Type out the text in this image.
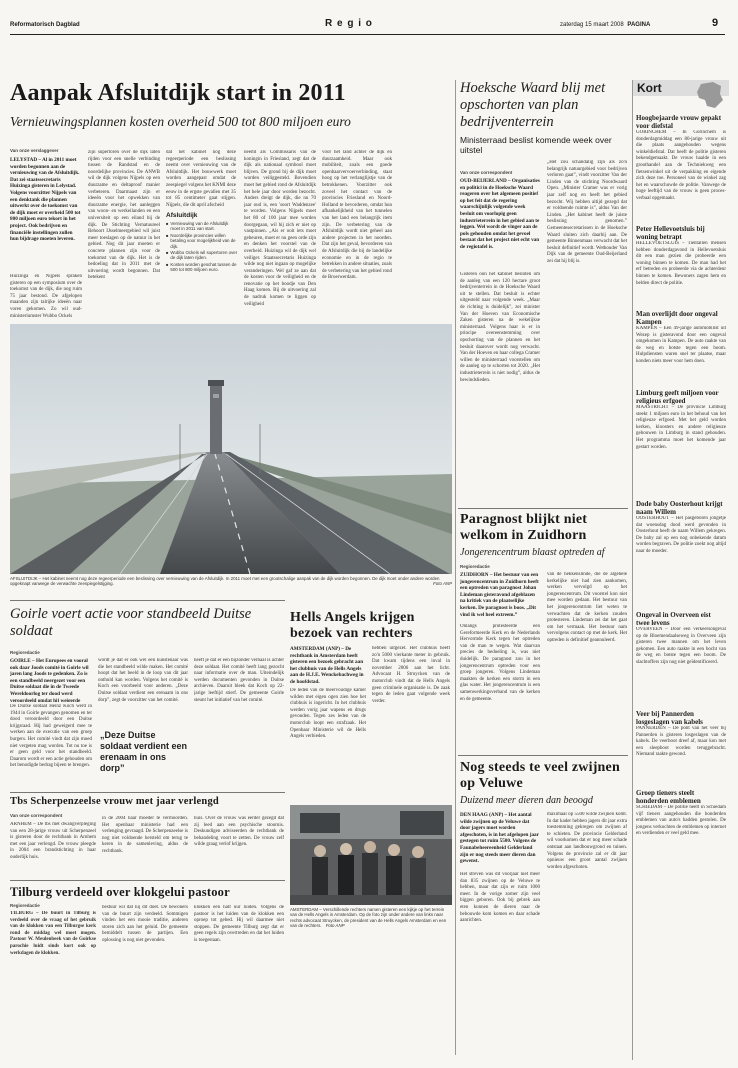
Reformatorisch Dagblad	R e g i o	zaterdag 15 maart 2008 PAGINA	9
Aanpak Afsluitdijk start in 2011
Vernieuwingsplannen kosten overheid 500 tot 800 miljoen euro
Van onze verslaggever
LELYSTAD – Al in 2011 moet worden begonnen aan de vernieuwing van de Afsluitdijk. Dat zei staatssecretaris Huizinga gisteren in Lelystad. Volgens voorzitter Nijpels van een denktank die plannen uitwerkt over de toekomst van de dijk moet er overheid 500 tot 800 miljoen euro tekort in het project. Ook bedrijven en financiële instellingen zullen hun bijdrage moeten leveren.
Huizinga en Nijpels spraken gisteren op een symposium over de toekomst van de dijk, die nog ruim 75 jaar bestond. De afgelopen maanden zijn talrijke ideeën naar voren gekomen. Zo wil oud-ministeriumster Wubbo Ockels
zijn supertoren over de dijk laten rijden voor een snelle verbinding tussen de Randstad en de noordelijke provincies. De ANWB wil de dijk volgens Nijpels op een duurzame en deltaproof manier verbeteren. Daarmaast zijn er ideeën voor het opwekken van duurzame energie, het aanleggen van woon- en werkeilanden en een universiteit op een eiland bij de dijk. De Stichting Vernatuureel Behoort IJsselmeergebied wil juist meer toeslagen op de natuur in het gebied. Nog dit jaar moeten er concrete plannen zijn voor de toekomst van de dijk. Het is de bedoeling dat in 2011 met de uitvoering wordt begonnen. Dat betekent
dat het kabinet nog deze regeerperiode een beslissing neemt over vernieuwing van de Afsluitdijk. Het bouwwerk moet worden aangepast omdat de zeespiegel volgens het KNMI deze eeuw in de ergste gevallen met 35 tot 85 centimeter gaat stijgen. Nijpels, die dit april afscheid
Afsluitdijk
■ Vernieuwing van de Afsluitdijk moet in 2011 van start.
■ Noordelijke provincies willen betaling voor mogelijkheid van de dijk.
■ Wubbo Ockels wil supertoren over de dijk laten rijden.
■ Kosten worden geschat tussen de 500 tot 800 miljoen euro.
neemt als Commissaris van de koningin in Friesland, zegt dat de dijk als nationaal symbool moet blijven. De grond bij de dijk moet worden veiliggesteld. Bovendien moet het gebied rond de Afsluitdijk het hele jaar door worden bezocht. Anders dreigt de dijk, die nu 70 jaar oud is, een 'soort Waddenzee' te worden. Volgens Nijpels moet het 80 of 100 jaar mee worden doorgegaan, wil hij zich er niet op vastpinnen. „Als er ooit iets moet gebeuren, moet er nu geen orde zijn en denken het voorstel van de overheid. Huizinga wil de dijk wel veiliger. Staatssecretaris Huizinga wilde nog niet ingaan op mogelijke veranderingen. Wel gaf ze aan dat de kosten voor de veiligheid en de renovatie op het boodje van Den Haag komen. Bij de uitvoering zal de nadruk komen te liggen op veiligheid
voor het land achter de dijk en duurzaamheid. Maar ook mobiliteit, zoals een goede openbaarvervoerverbinding, staat hoog op het verlanglijstje van de betrokkenen. Voorzitter ook zoveel het contact van de provincies Friesland en Noord-Holland te bevorderen, omdat hun afhankelijkheid van het tunnelen van het land een belangrijk item zijn. De verbetering van de Afsluitdijk wordt niet geheel aan andere projecten in het noorden. Dat zijn het geval, bevorderen van de Afsluitdijk die bij de landelijke economie en in de regio te betrekken in andere situaties, zoals de verbetering van het gebied rond de Broerwerdam.
AFSLUITDIJK – Het kabinet neemt nog deze regeerperiode een beslissing over vernieuwing van de Afsluitdijk. In 2011 moet met een grootschalige aanpak van de dijk worden begonnen. De dijk moet onder andere worden opgeknapt vanwege de verwachte zeespiegelstijging.	Foto ANP
Hoeksche Waard blij met opschorten van plan bedrijventerrein
Ministerraad beslist komende week over uitstel
Van onze correspondent
OUD-BEIJERLAND – Organisaties en politici in de Hoeksche Waard reageren over het algemeen positief op het feit dat de regering waarschijnlijk volgende week besluit om voorlopig geen industrieterrein in het gebied aan te leggen. Wel wordt de vinger aan de pols gehouden omdat het gevoel bestaat dat het project niet echt van de regiotafel is.
Gisteren oon het kabinet besloten om de aanleg van een 120 hectare groot bedrijventerrein in de Hoeksche Waard uit te stellen. Dat besluit is echter uitgesteld naar volgende week. „Maar de richting is duidelijk”, zei minister Van der Hoeven van Economische Zaken gisteren na de wekelijkse ministerraad. Volgens haar is er in principe overeenstemming over opschorting van de plannen en het besluit daarover wordt nog verwacht. Van der Hoeven en haar collega Cramer willen de ministerraad voorstellen om de aanleg op te schorten tot 2020. „Het industrieterrein is niet nodig”, aldus de bewindslieden.
„Het zou schandalig zijn als zo'n belangrijk natuurgebied voor bedrijven verloren gaat”, vindt voorzitter Van der Linden van de stichting Noordwaard Open. „Minister Cramer was er vorig jaar zelf nog en heeft het gebied bezocht. Wij hebben altijd gezegd dat er voldoende ruimte is”, aldus Van der Linden. „Het kabinet heeft de juiste beslissing genomen.” Gemeentesecretarissen in de Hoeksche Waard sluiten zich daarbij aan. De gemeente Binnenmaas verwacht dat het besluit definitief wordt. Wethouder Van Dijk van de gemeente Oud-Beijerland zei dat hij blij is.
Kort
Hoogbejaarde vrouw gepakt voor diefstal
GORINCHEM – In Gorinchem is donderdagmiddag een 80-jarige vrouw uit die plaats aangehouden wegens winkeldiefstal. Dat heeft de politie gisteren bekendgemaakt. De vrouw haalde in een groothandel aan de Techniekweg een fietsenwinkel uit de verpakking en eigende zich deze toe. Personeel van de winkel zag het en waarschuwde de politie. Vanwege de hoge leeftijd van de vrouw is geen proces-verbaal opgemaakt.
Peter Hellevoetsluis bij woning betrapt
HELLEVOETSLUIS – Tientallen mensen hebben donderdagavond in Hellevoetsluis dit een man gezien die probeerde een woning binnen te komen. De man had het erf betreden en probeerde via de achterdeur binnen te komen. Bewoners zagen hem en belden direct de politie.
Man overlijdt door ongeval Kampen
KAMPEN – Een 49-jarige automobilist uit Wezep is gisteravond door een ongeval omgekomen in Kampen. De auto raakte van de weg en botste tegen een boom. Hulpdiensten waren snel ter plaatse, maar konden niets meer voor hem doen.
Limburg geeft miljoen voor religieus erfgoed
MAASTRICHT – De provincie Limburg steekt 1 miljoen euro in het behoud van het religieuze erfgoed. Met het geld worden kerken, kloosters en andere religieuze gebouwen in Limburg in stand gehouden. Het programma moet het komende jaar gestart worden.
Dode baby Oosterhout krijgt naam Willem
OOSTERHOUT – Het pasgeboren jongetje dat woensdag dood werd gevonden in Oosterhout heeft de naam Willem gekregen. De baby zal op een nog onbekende datum worden begraven. De politie zoekt nog altijd naar de moeder.
Ongeval in Overveen eist twee levens
OVERVEEN – Door een verkeersongeval op de Bloemendaalseweg in Overveen zijn gisteren twee mannen om het leven gekomen. Een auto raakte in een bocht van de weg en botste tegen een boom. De slachtoffers zijn nog niet geïdentificeerd.
Veer bij Pannerden losgeslagen van kabels
PANNERDEN – De pont van het veer bij Pannerden is gisteren losgeslagen van de kabels. De veerboot dreef af, maar kon met een sleepboot worden teruggebracht. Niemand raakte gewond.
Groep tieners steelt honderden emblemen
SCHIEDAM – De politie heeft in Schiedam vijf tieners aangehouden die honderden emblemen van auto's hadden gestolen. De jongens verkochten de emblemen op internet en verdienden er veel geld mee.
Paragnost blijkt niet welkom in Zuidhorn
Jongerencentrum blaast optreden af
Regioredactie
ZUIDHORN – Het bestuur van een jongerencentrum in Zuidhorn heeft een optreden van paragnost Johan Lindeman gisteravond afgeblazen na kritiek van de plaatselijke kerken. De paragnost is boos. „Dit vind ik wel heel extreem.”
Onlangs protesteerde een Gereformeerde Kerk en de Nederlands Hervormde Kerk tegen het optreden van de man te wegen. Wat daarvan precies de bedoeling is, was niet duidelijk. De paragnost zou in het jongerencentrum optreden voor een groep jongeren. Volgens Lindeman maakten de kerken een storm in een glas water. Het jongerencentrum is een samenwerkingsverband van de kerken en de gemeente.
van de hekkenslinde, die de algehele kerkelijke niet had zien aankomen, werken vervolgd op het jongerencentrum. Dit voorstel kon niet mee worden gedaan. Het bestuur van het jongerencentrum liet weten te verwachten dat de kerken zouden protesteren. Lindeman zei dat het gaat om het vermaak. Het bestuur nam vervolgens contact op met de kerk. Het optreden is definitief geannuleerd.
Goirle voert actie voor standbeeld Duitse soldaat
Regioredactie
GOIRLE – Het Europees en vooral ook daar Joods comité in Goirle wil jaren lang Joods te gedenken. Zo is een standbeeld neergezet voor een Duitse soldaat die in de Tweede Wereldoorlog ter dood werd veroordeeld omdat hij weigerde
De Duitse soldaat Heinz Koch werd in 1944 in Goirle gevangen genomen en ter dood veroordeeld door een Duitse krijgsraad. Hij had geweigerd mee te werken aan de executie van een groep burgers. Het comité vindt dat zijn moed niet vergeten mag worden. Tot nu toe is er geen geld voor het standbeeld. Daarom wordt er een actie gehouden om het benodigde bedrag bijeen te brengen.
wordt je dat er ook wel een kunstenaar was die het standbeeld wilde maken. Het comité hoopt dat het beeld in de loop van dit jaar onthuld kan worden. Volgens het comité is Koch een voorbeeld voor anderen. „Deze Duitse soldaat verdient een erenaam in ons dorp”, zegt de voorzitter van het comité.
„Deze Duitse soldaat verdient een erenaam in ons dorp”
heeft je dat er een bijzonder verhaal is achter deze soldaat. Het comité heeft lang gezocht naar informatie over de man. Uiteindelijk werden documenten gevonden in Duitse archieven. Daaruit bleek dat Koch op 22-jarige leeftijd stierf. De gemeente Goirle steunt het initiatief van het comité.
Hells Angels krijgen bezoek van rechters
AMSTERDAM (ANP) – De rechtbank in Amsterdam heeft gisteren een bezoek gebracht aan het clubhuis van de Hells Angels aan de H.J.E. Wenckebachweg in de hoofdstad.
De leden van de meervoudige kamer wilden met eigen ogen zien hoe het clubhuis is ingericht. In het clubhuis werden vorig jaar wapens en drugs gevonden. Tegen zes leden van de motorclub loopt een strafzaak. Het Openbaar Ministerie wil de Hells Angels verbieden.
hebben uitgezet. Het clubhuis heeft zo'n 5000 vierkante meter in gebruik. Dat kwam tijdens een inval in november 2006 aan het licht. Advocaat H. Struycken van de motorclub vindt dat de Hells Angels geen criminele organisatie is. De zaak tegen de leden gaat volgende week verder.
AMSTERDAM – Verschillende rechters namen gisteren een kijkje op het terrein van de Hells Angels in Amsterdam. Op de foto zijn onder andere van links naar rechts advocaat Struycken, de president van de Hells Angels Amsterdam en een van de rechters. Foto ANP
Nog steeds te veel zwijnen op Veluwe
Duizend meer dieren dan beoogd
DEN HAAG (ANP) – Het aantal wilde zwijnen op de Veluwe dat door jagers moet worden afgeschoten, is in het afgelopen jaar gestegen tot ruim 5500. Volgens de Faunabeheereenheid Gelderland zijn er nog steeds meer dieren dan gewenst.
Het streven was dit voorjaar niet meer dan 835 zwijnen op de Veluwe te hebben, maar dat zijn er ruim 1000 meer. In de vorige zomer zijn veel biggen geboren. Ook bij gebrek aan eten kunnen de dieren naar de bebouwde kom komen en daar schade aanrichten.
maximaal op 5500 wilde zwijnen komt. In dat kader hebben jagers dit jaar extra toestemming gekregen om zwijnen af te schieten. De provincie Gelderland wil voorkomen dat er nog meer schade ontstaat aan landbouwgrond en tuinen. Volgens de provincie zal er dit jaar opnieuw een groot aantal zwijnen worden afgeschoten.
Tbs Scherpenzeelse vrouw met jaar verlengd
Van onze correspondent
ARNHEM – De tbs met dwangverpleging van een 28-jarige vrouw uit Scherpenzeel is gisteren door de rechtbank in Arnhem met een jaar verlengd. De vrouw pleegde in 2004 een brandstichting in haar ouderlijk huis.
in de 2004 haar moeder te vermoorden. Het openbaar ministerie had een verlenging gevraagd. De Scherpenzeelse is nog niet voldoende hersteld om terug te keren in de samenleving, aldus de rechtbank.
huis. Over de vrouw was eerder gezegd dat zij leed aan een psychische stoornis. Deskundigen adviseerden de rechtbank de behandeling voort te zetten. De vrouw zelf wilde graag verlof krijgen.
Tilburg verdeeld over klokgelui pastoor
Regioredactie
TILBURG – De buurt in Tilburg is verdeeld over de vraag of het gebruik van de klokken van een Tilburgse kerk rond de middag wel moet mogen. Pastoor W. Meulenbeek van de Goirkse parochie luidt sinds kort ook op werkdagen de klokken.
bestuur wil dat hij dit doet. De bewoners van de buurt zijn verdeeld. Sommigen vinden het een mooie traditie, anderen storen zich aan het geluid. De gemeente bemiddelt tussen de partijen. Een oplossing is nog niet gevonden.
klokken een half uur luiden. Volgens de pastoor is het luiden van de klokken een oproep tot gebed. Hij wil daarmee niet stoppen. De gemeente Tilburg zegt dat er geen regels zijn overtreden en dat het luiden is toegestaan.
